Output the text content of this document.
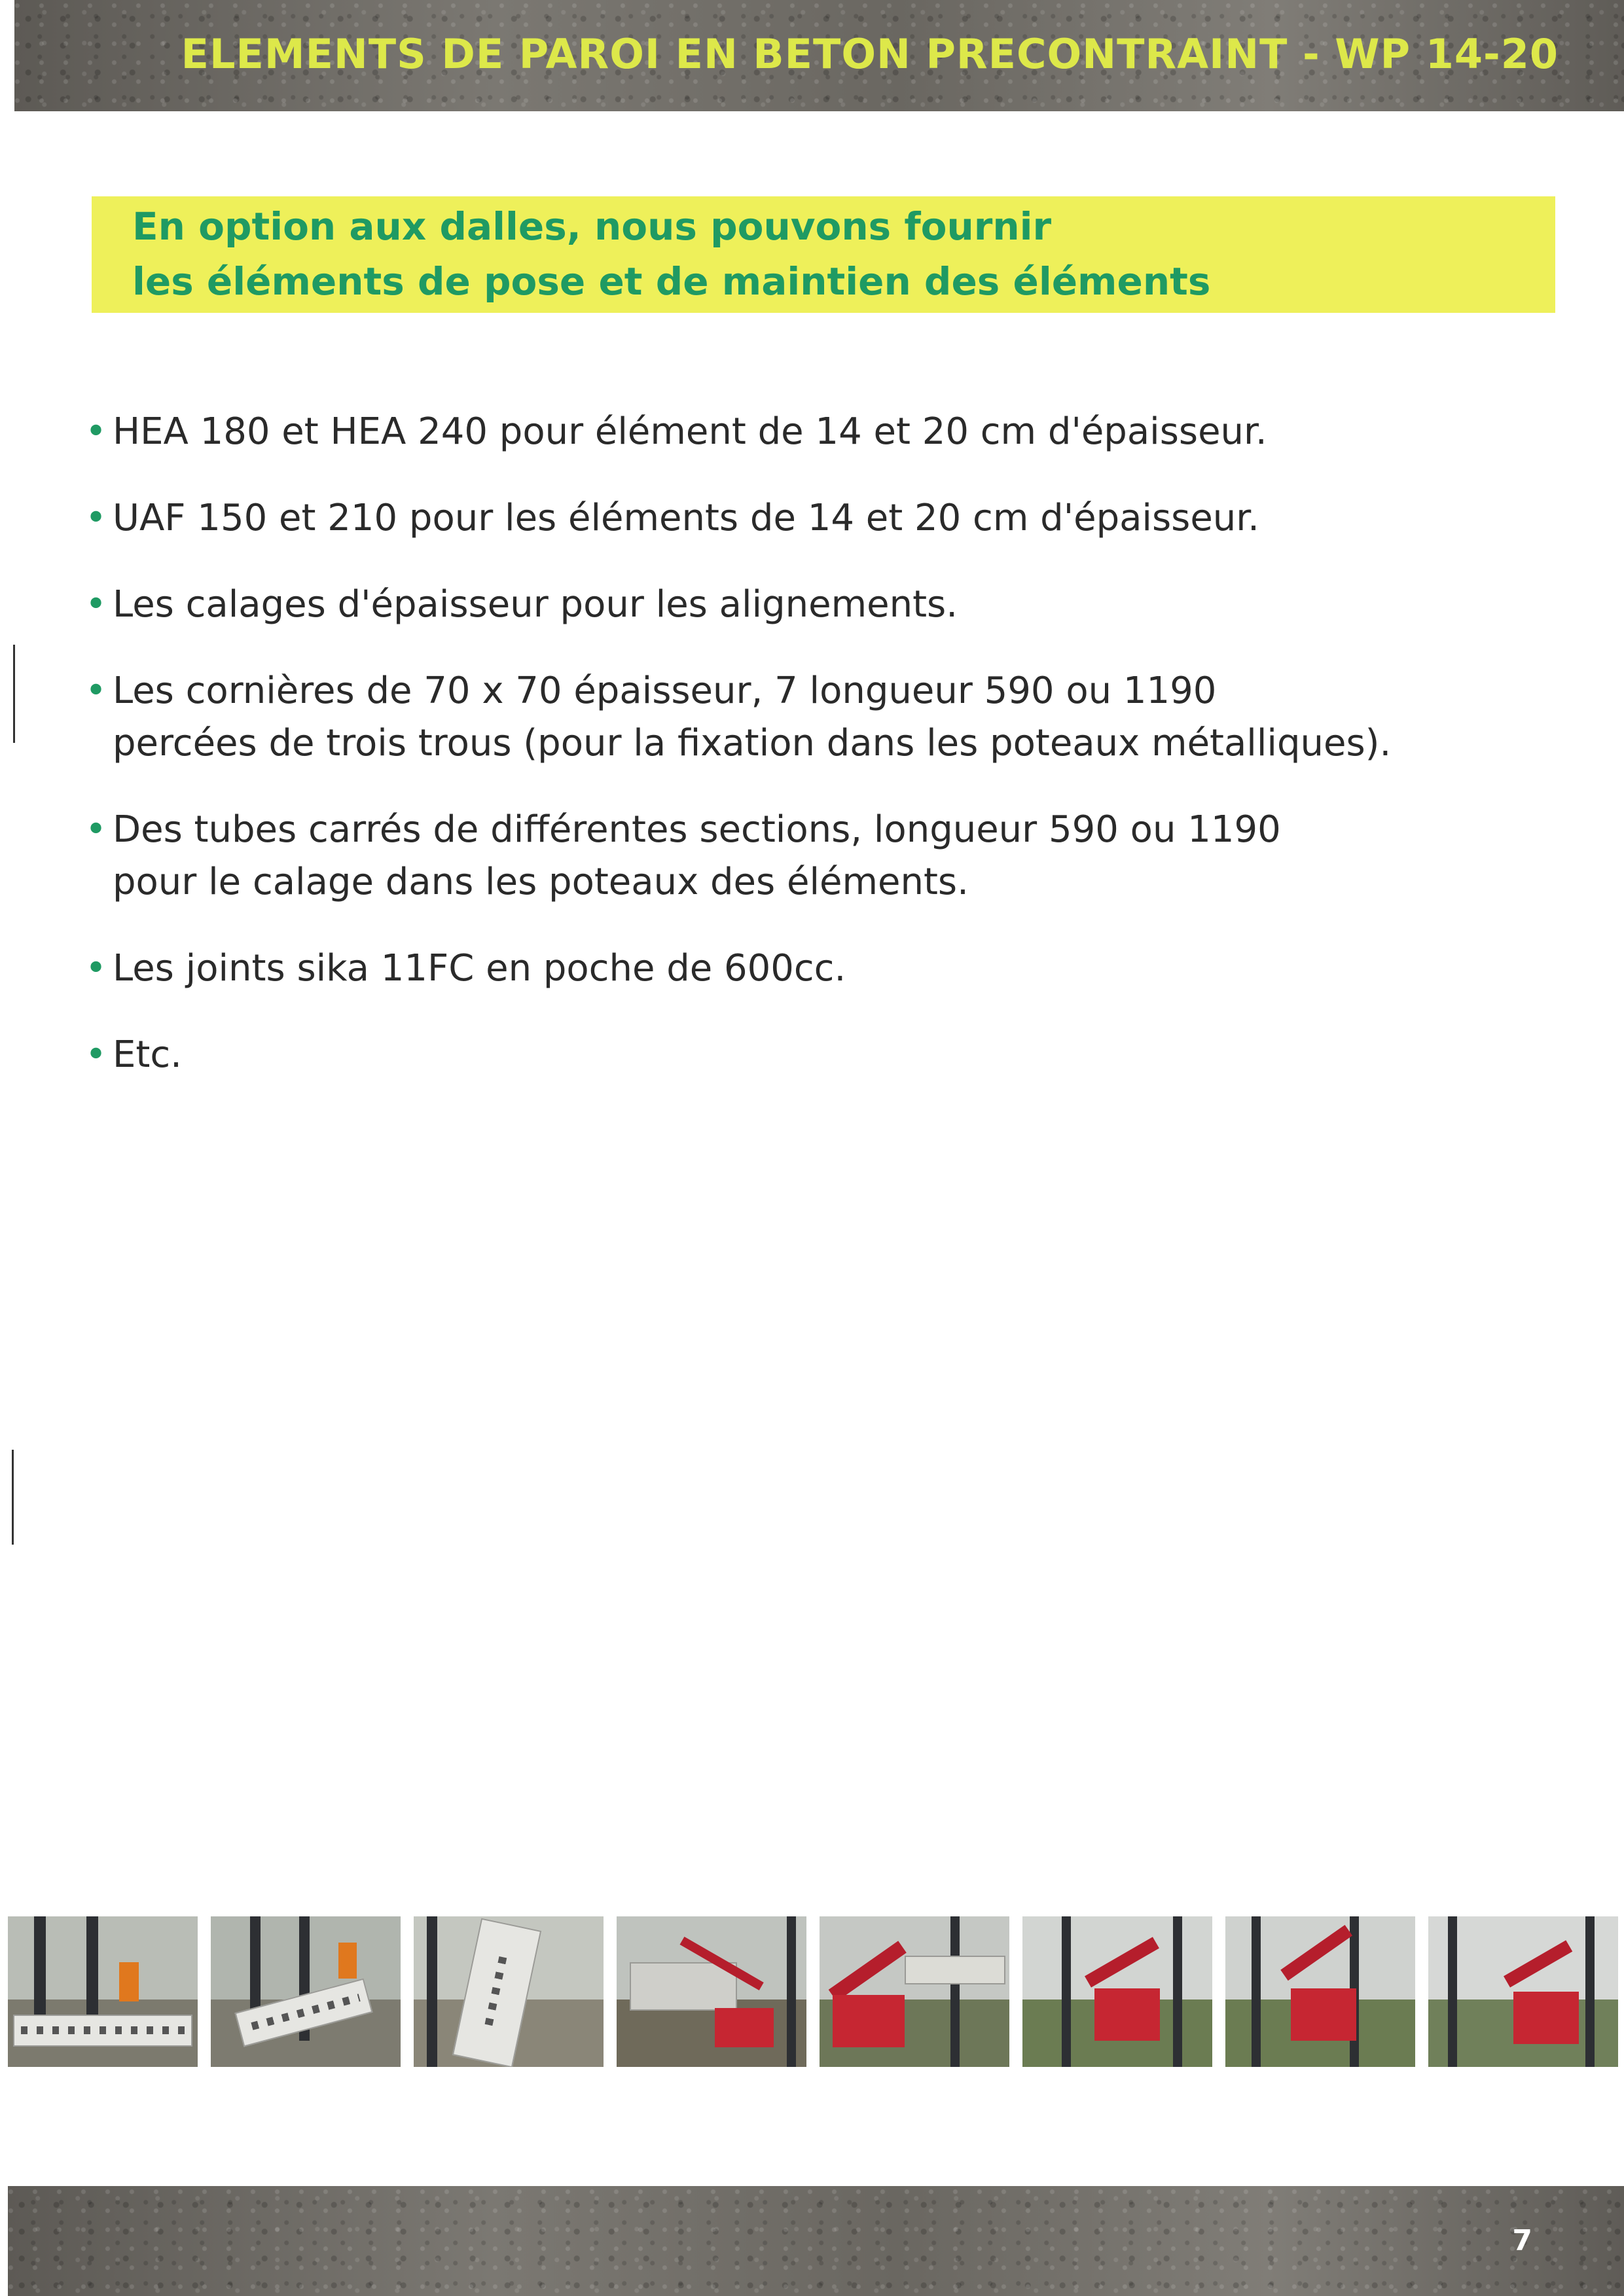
ELEMENTS DE PAROI EN BETON PRECONTRAINT - WP 14-20
En option aux dalles, nous pouvons fournir
les éléments de pose et de maintien des éléments
• HEA 180 et HEA 240 pour élément de 14 et 20 cm d'épaisseur.
• UAF 150 et 210 pour les éléments de 14 et 20 cm d'épaisseur.
• Les calages d'épaisseur pour les alignements.
• Les cornières de 70 x 70 épaisseur, 7 longueur 590 ou 1190
percées de trois trous (pour la fixation dans les poteaux métalliques).
• Des tubes carrés de différentes sections, longueur 590 ou 1190
pour le calage dans les poteaux des éléments.
• Les joints sika 11FC en poche de 600cc.
• Etc.
7
